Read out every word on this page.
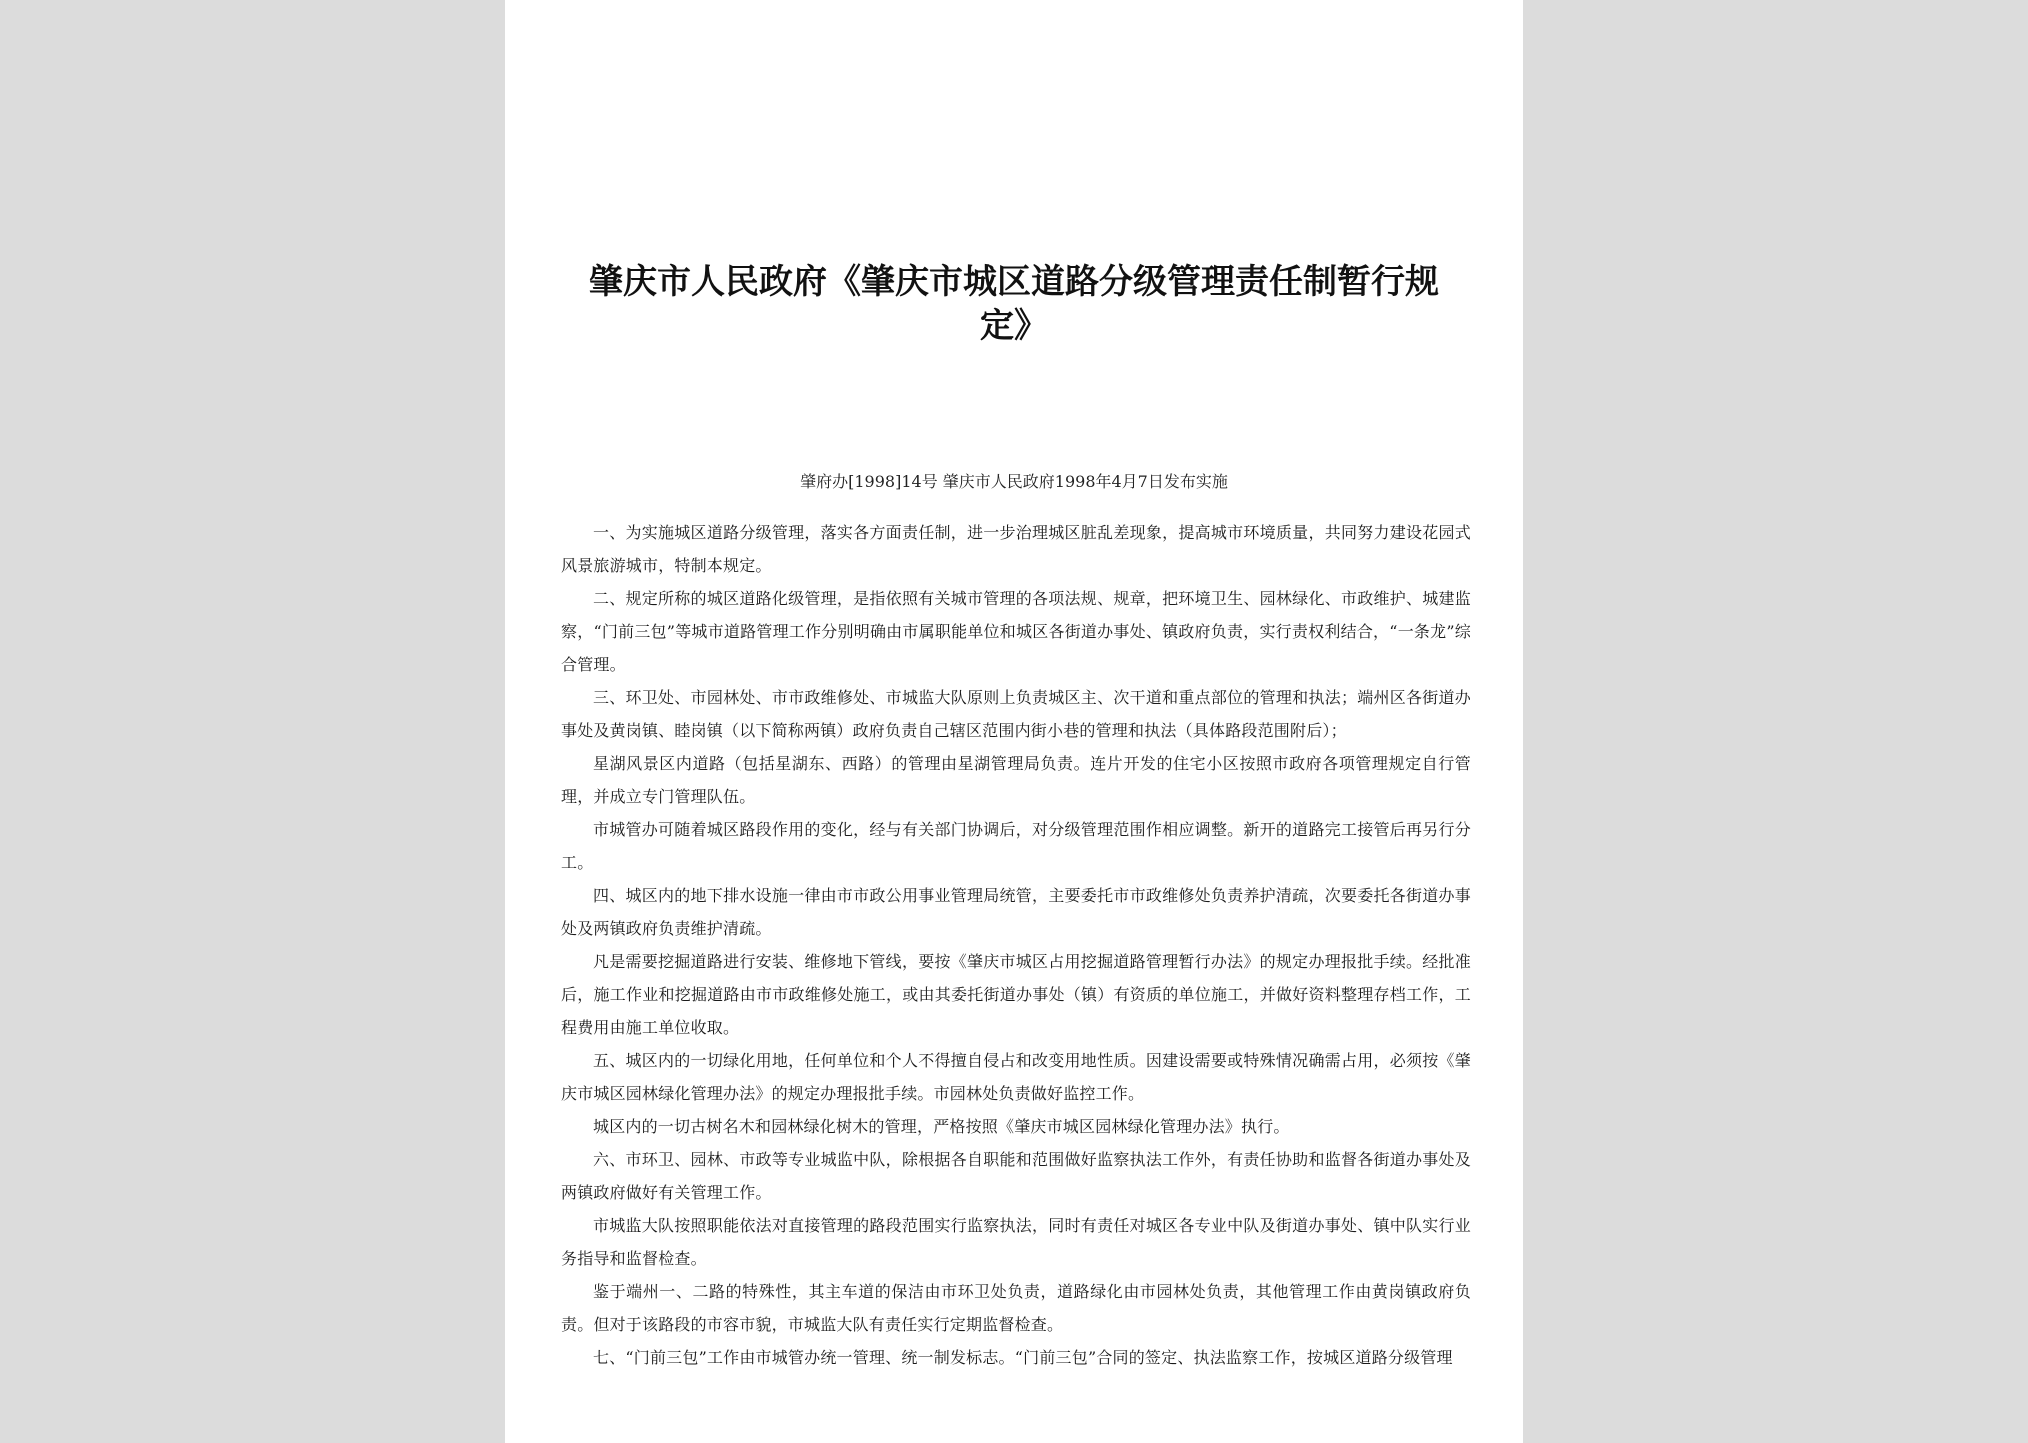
肇庆市人民政府《肇庆市城区道路分级管理责任制暂行规定》
肇府办[1998]14号 肇庆市人民政府1998年4月7日发布实施

一、为实施城区道路分级管理，落实各方面责任制，进一步治理城区脏乱差现象，提高城市环境质量，共同努力建设花园式风景旅游城市，特制本规定。

二、规定所称的城区道路化级管理，是指依照有关城市管理的各项法规、规章，把环境卫生、园林绿化、市政维护、城建监察，“门前三包”等城市道路管理工作分别明确由市属职能单位和城区各街道办事处、镇政府负责，实行责权利结合，“一条龙”综合管理。

三、环卫处、市园林处、市市政维修处、市城监大队原则上负责城区主、次干道和重点部位的管理和执法；端州区各街道办事处及黄岗镇、睦岗镇（以下简称两镇）政府负责自己辖区范围内街小巷的管理和执法（具体路段范围附后）；

星湖风景区内道路（包括星湖东、西路）的管理由星湖管理局负责。连片开发的住宅小区按照市政府各项管理规定自行管理，并成立专门管理队伍。

市城管办可随着城区路段作用的变化，经与有关部门协调后，对分级管理范围作相应调整。新开的道路完工接管后再另行分工。

四、城区内的地下排水设施一律由市市政公用事业管理局统管，主要委托市市政维修处负责养护清疏，次要委托各街道办事处及两镇政府负责维护清疏。

凡是需要挖掘道路进行安装、维修地下管线，要按《肇庆市城区占用挖掘道路管理暂行办法》的规定办理报批手续。经批准后，施工作业和挖掘道路由市市政维修处施工，或由其委托街道办事处（镇）有资质的单位施工，并做好资料整理存档工作，工程费用由施工单位收取。

五、城区内的一切绿化用地，任何单位和个人不得擅自侵占和改变用地性质。因建设需要或特殊情况确需占用，必须按《肇庆市城区园林绿化管理办法》的规定办理报批手续。市园林处负责做好监控工作。

城区内的一切古树名木和园林绿化树木的管理，严格按照《肇庆市城区园林绿化管理办法》执行。

六、市环卫、园林、市政等专业城监中队，除根据各自职能和范围做好监察执法工作外，有责任协助和监督各街道办事处及两镇政府做好有关管理工作。

市城监大队按照职能依法对直接管理的路段范围实行监察执法，同时有责任对城区各专业中队及街道办事处、镇中队实行业务指导和监督检查。

鉴于端州一、二路的特殊性，其主车道的保洁由市环卫处负责，道路绿化由市园林处负责，其他管理工作由黄岗镇政府负责。但对于该路段的市容市貌，市城监大队有责任实行定期监督检查。

七、“门前三包”工作由市城管办统一管理、统一制发标志。“门前三包”合同的签定、执法监察工作，按城区道路分级管理
